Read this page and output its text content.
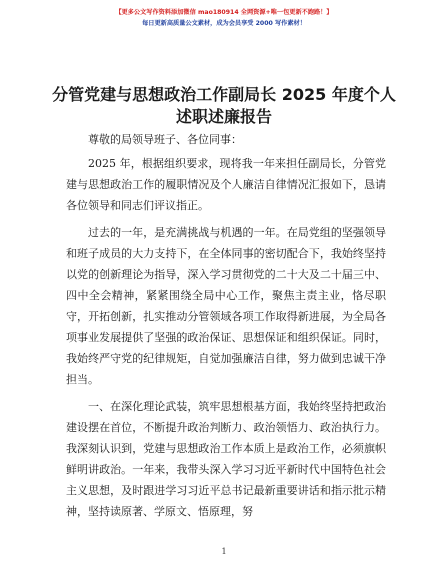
【更多公文写作资料添加微信 mao180914 全网资源+唯一包更新不跑路！】
每日更新高质量公文素材，成为会员享受 2000 写作素材！
分管党建与思想政治工作副局长 2025 年度个人述职述廉报告

尊敬的局领导班子、各位同事：

2025 年，根据组织要求，现将我一年来担任副局长，分管党建与思想政治工作的履职情况及个人廉洁自律情况汇报如下，恳请各位领导和同志们评议指正。

过去的一年，是充满挑战与机遇的一年。在局党组的坚强领导和班子成员的大力支持下，在全体同事的密切配合下，我始终坚持以党的创新理论为指导，深入学习贯彻党的二十大及二十届三中、四中全会精神，紧紧围绕全局中心工作，聚焦主责主业，恪尽职守，开拓创新，扎实推动分管领域各项工作取得新进展，为全局各项事业发展提供了坚强的政治保证、思想保证和组织保证。同时，我始终严守党的纪律规矩，自觉加强廉洁自律，努力做到忠诚干净担当。

一、在深化理论武装，筑牢思想根基方面，我始终坚持把政治建设摆在首位，不断提升政治判断力、政治领悟力、政治执行力。我深刻认识到，党建与思想政治工作本质上是政治工作，必须旗帜鲜明讲政治。一年来，我带头深入学习习近平新时代中国特色社会主义思想，及时跟进学习习近平总书记最新重要讲话和指示批示精神，坚持读原著、学原文、悟原理，努

1
